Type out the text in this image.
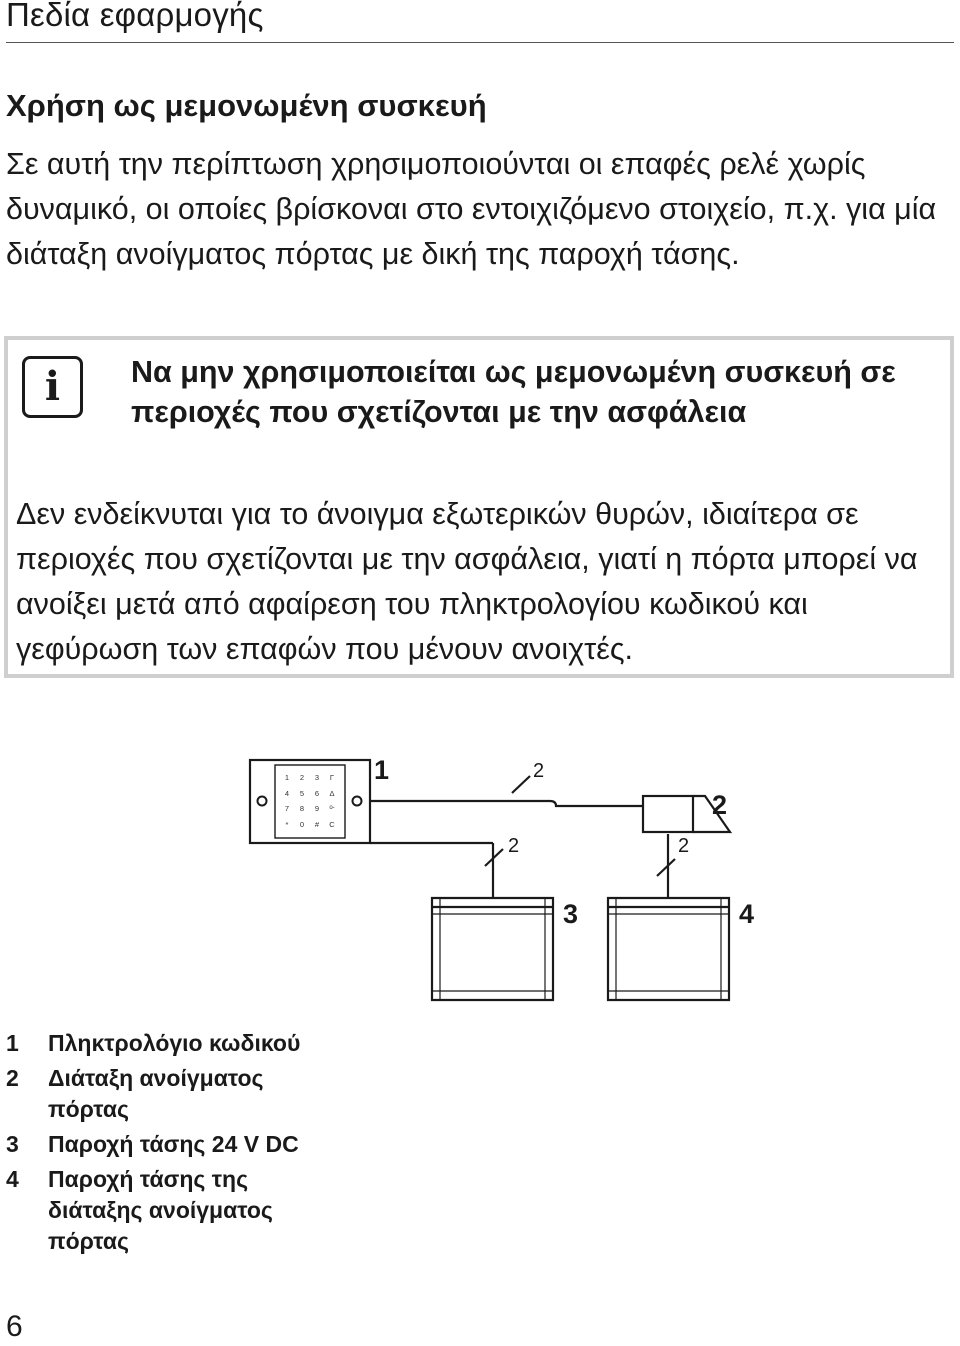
Πεδία εφαρμογής
Χρήση ως μεμονωμένη συσκευή

Σε αυτή την περίπτωση χρησιμοποιούνται οι επαφές ρελέ χωρίς δυναμικό, οι οποίες βρίσκοναι στο εντοιχιζόμενο στοιχείο, π.χ. για μία διάταξη ανοίγματος πόρτας με δική της παροχή τάσης.

i	Να μην χρησιμοποιείται ως μεμονωμένη συσκευή σε περιοχές που σχετίζονται με την ασφάλεια

Δεν ενδείκνυται για το άνοιγμα εξωτερικών θυρών, ιδιαίτερα σε περιοχές που σχετίζονται με την ασφάλεια, γιατί η πόρτα μπορεί να ανοίξει μετά από αφαίρεση του πληκτρολογίου κωδικού και γεφύρωση των επαφών που μένουν ανοιχτές.

1 2 3 Γ
4 5 6 Δ
7 8 9 o-
* 0 # C
1
2
3	4
2
2	2
1	Πληκτρολόγιο κωδικού
2	Διάταξη ανοίγματος πόρτας
3	Παροχή τάσης 24 V DC
4	Παροχή τάσης της διάταξης ανοίγματος πόρτας
6
